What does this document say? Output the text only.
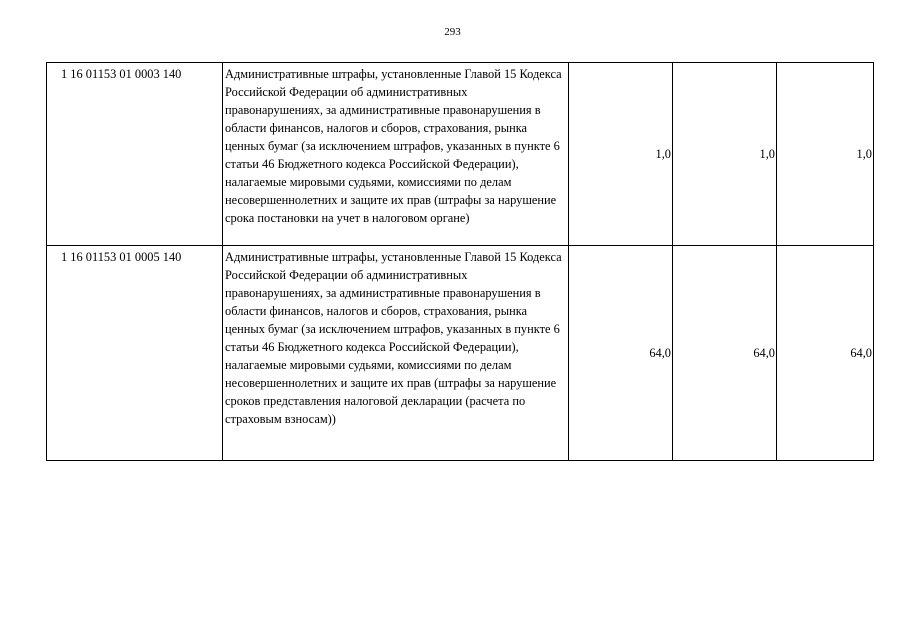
293
1 16 01153 01 0003 140	Административные штрафы, установленные Главой 15 Кодекса Российской Федерации об административных правонарушениях, за административные правонарушения в области финансов, налогов и сборов, страхования, рынка ценных бумаг (за исключением штрафов, указанных в пункте 6 статьи 46 Бюджетного кодекса Российской Федерации), налагаемые мировыми судьями, комиссиями по делам несовершеннолетних и защите их прав (штрафы за нарушение срока постановки на учет в налоговом органе)	1,0	1,0	1,0
1 16 01153 01 0005 140	Административные штрафы, установленные Главой 15 Кодекса Российской Федерации об административных правонарушениях, за административные правонарушения в области финансов, налогов и сборов, страхования, рынка ценных бумаг (за исключением штрафов, указанных в пункте 6 статьи 46 Бюджетного кодекса Российской Федерации), налагаемые мировыми судьями, комиссиями по делам несовершеннолетних и защите их прав (штрафы за нарушение сроков представления налоговой декларации (расчета по страховым взносам))	64,0	64,0	64,0
